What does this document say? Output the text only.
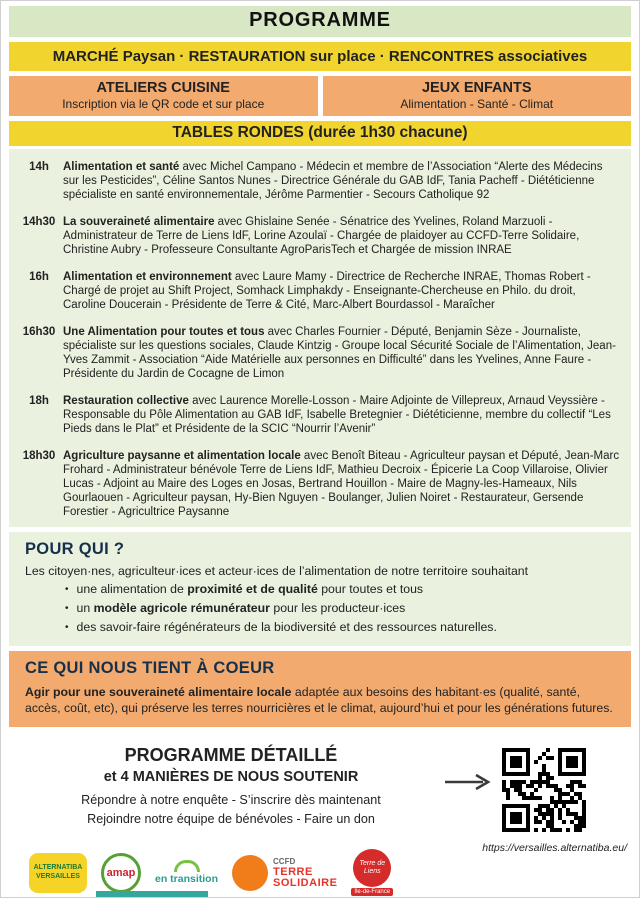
PROGRAMME
MARCHÉ Paysan · RESTAURATION sur place · RENCONTRES associatives
ATELIERS CUISINE
Inscription via le QR code et sur place
JEUX ENFANTS
Alimentation - Santé - Climat
TABLES RONDES (durée 1h30 chacune)
14h	Alimentation et santé avec Michel Campano - Médecin et membre de l’Association “Alerte des Médecins sur les Pesticides”, Céline Santos Nunes - Directrice Générale du GAB IdF, Tania Pacheff - Diététicienne spécialiste en santé environnementale, Jérôme Parmentier - Secours Catholique 92
14h30 La souveraineté alimentaire avec Ghislaine Senée - Sénatrice des Yvelines, Roland Marzuoli - Administrateur de Terre de Liens IdF, Lorine Azoulaï - Chargée de plaidoyer au CCFD-Terre Solidaire, Christine Aubry - Professeure Consultante AgroParisTech et Chargée de mission INRAE
16h	Alimentation et environnement avec Laure Mamy - Directrice de Recherche INRAE, Thomas Robert - Chargé de projet au Shift Project, Somhack Limphakdy - Enseignante-Chercheuse en Philo. du droit, Caroline Doucerain - Présidente de Terre & Cité, Marc-Albert Bourdassol - Maraîcher
16h30 Une Alimentation pour toutes et tous avec Charles Fournier - Député, Benjamin Sèze - Journaliste, spécialiste sur les questions sociales, Claude Kintzig - Groupe local Sécurité Sociale de l’Alimentation, Jean-Yves Zammit - Association “Aide Matérielle aux personnes en Difficulté” dans les Yvelines, Anne Faure - Présidente du Jardin de Cocagne de Limon
18h	Restauration collective avec Laurence Morelle-Losson - Maire Adjointe de Villepreux, Arnaud Veyssière - Responsable du Pôle Alimentation au GAB IdF, Isabelle Bretegnier - Diététicienne, membre du collectif “Les Pieds dans le Plat” et Présidente de la SCIC “Nourrir l’Avenir”
18h30 Agriculture paysanne et alimentation locale avec Benoît Biteau - Agriculteur paysan et Député, Jean-Marc Frohard - Administrateur bénévole Terre de Liens IdF, Mathieu Decroix - Épicerie La Coop Villaroise, Olivier Lucas - Adjoint au Maire des Loges en Josas, Bertrand Houillon - Maire de Magny-les-Hameaux, Nils Gourlaouen - Agriculteur paysan, Hy-Bien Nguyen - Boulanger, Julien Noiret - Restaurateur, Gersende Forestier - Agricultrice Paysanne
POUR QUI ?

Les citoyen·nes, agriculteur·ices et acteur·ices de l’alimentation de notre territoire souhaitant

• une alimentation de proximité et de qualité pour toutes et tous
• un modèle agricole rémunérateur pour les producteur·ices
• des savoir-faire régénérateurs de la biodiversité et des ressources naturelles.
CE QUI NOUS TIENT À COEUR

Agir pour une souveraineté alimentaire locale adaptée aux besoins des habitant·es (qualité, santé, accès, coût, etc), qui préserve les terres nourricières et le climat, aujourd’hui et pour les générations futures.

PROGRAMME DÉTAILLÉ
et 4 MANIÈRES DE NOUS SOUTENIR
Répondre à notre enquête - S’inscrire dès maintenant
Rejoindre notre équipe de bénévoles - Faire un don
https://versailles.alternatiba.eu/
ALTERNATIBA
VERSAILLES amap
en transition
CCFD
TERRE
SOLIDAIRE
Terre de Liens
Île-de-France
